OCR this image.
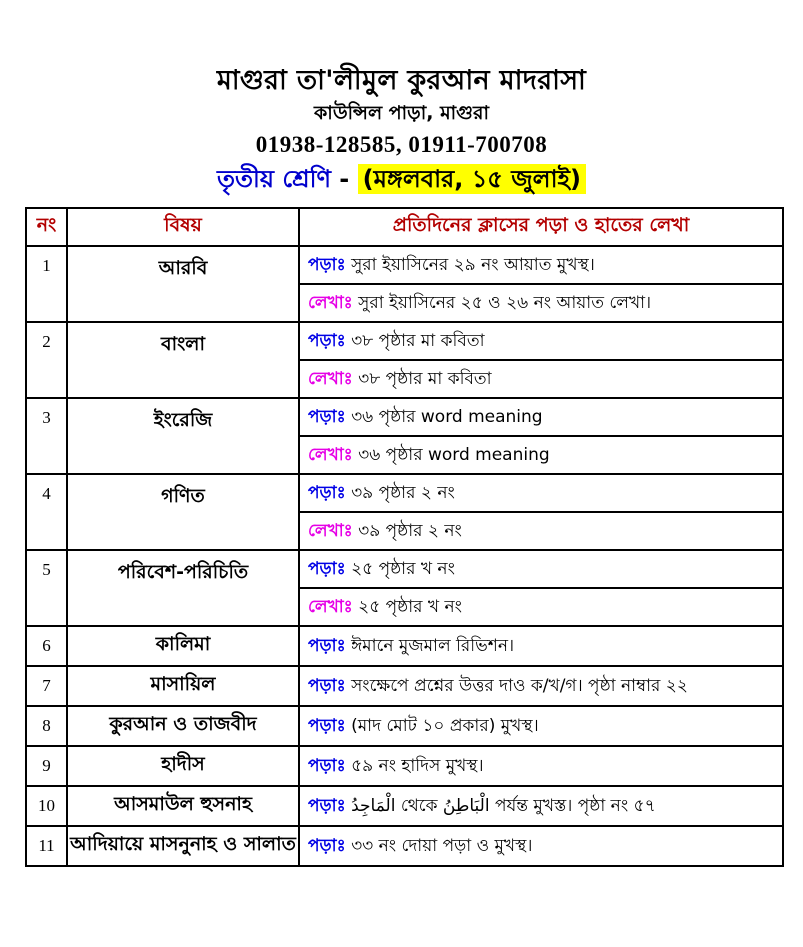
মাগুরা তা'লীমুল কুরআন মাদরাসা
কাউন্সিল পাড়া, মাগুরা
01938-128585, 01911-700708
তৃতীয় শ্রেণি - (মঙ্গলবার, ১৫ জুলাই)
নং	বিষয়	প্রতিদিনের ক্লাসের পড়া ও হাতের লেখা
1	আরবি	পড়াঃ সুরা ইয়াসিনের ২৯ নং আয়াত মুখস্থ।
		লেখাঃ সুরা ইয়াসিনের ২৫ ও ২৬ নং আয়াত লেখা।
2	বাংলা	পড়াঃ ৩৮ পৃষ্ঠার মা কবিতা
		লেখাঃ ৩৮ পৃষ্ঠার মা কবিতা
3	ইংরেজি	পড়াঃ ৩৬ পৃষ্ঠার word meaning
		লেখাঃ ৩৬ পৃষ্ঠার word meaning
4	গণিত	পড়াঃ ৩৯ পৃষ্ঠার ২ নং
		লেখাঃ ৩৯ পৃষ্ঠার ২ নং
5	পরিবেশ-পরিচিতি	পড়াঃ ২৫ পৃষ্ঠার খ নং
		লেখাঃ ২৫ পৃষ্ঠার খ নং
6	কালিমা	পড়াঃ ঈমানে মুজমাল রিভিশন।
7	মাসায়িল	পড়াঃ সংক্ষেপে প্রশ্নের উত্তর দাও ক/খ/গ। পৃষ্ঠা নাম্বার ২২
8	কুরআন ও তাজবীদ	পড়াঃ (মাদ মোট ১০ প্রকার) মুখস্থ।
9	হাদীস	পড়াঃ ৫৯ নং হাদিস মুখস্থ।
10	আসমাউল হুসনাহ	পড়াঃ الْمَاجِدُ থেকে الْبَاطِنُ পর্যন্ত মুখস্ত। পৃষ্ঠা নং ৫৭
11	আদিয়ায়ে মাসনুনাহ ও সালাত	পড়াঃ ৩৩ নং দোয়া পড়া ও মুখস্থ।
